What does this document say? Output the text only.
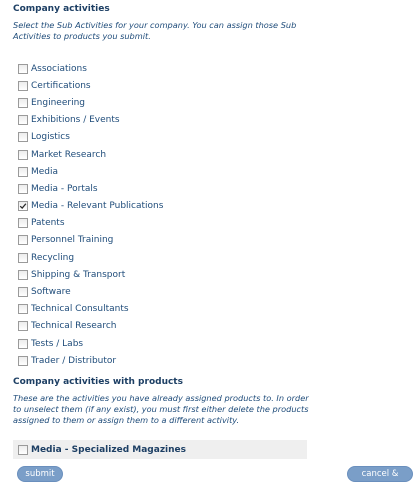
Company activities
Select the Sub Activities for your company. You can assign those Sub Activities to products you submit.
Associations
Certifications
Engineering
Exhibitions / Events
Logistics
Market Research
Media
Media - Portals
Media - Relevant Publications
Patents
Personnel Training
Recycling
Shipping & Transport
Software
Technical Consultants
Technical Research
Tests / Labs
Trader / Distributor
Company activities with products
These are the activities you have already assigned products to. In order to unselect them (if any exist), you must first either delete the products assigned to them or assign them to a different activity.
Media - Specialized Magazines
submit	cancel & return
